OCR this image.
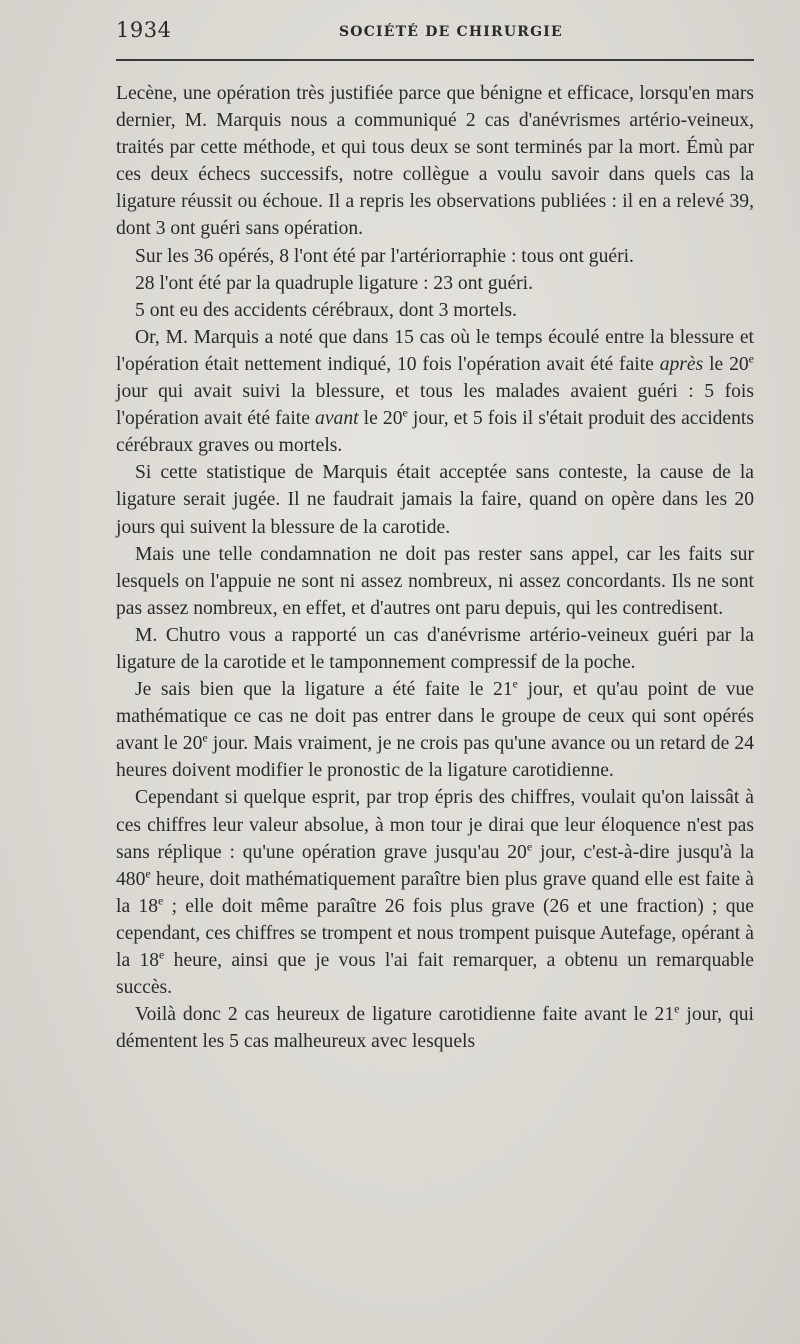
1934	SOCIÉTÉ DE CHIRURGIE

Lecène, une opération très justifiée parce que bénigne et efficace, lorsqu'en mars dernier, M. Marquis nous a communiqué 2 cas d'anévrismes artério-veineux, traités par cette méthode, et qui tous deux se sont terminés par la mort. Émù par ces deux échecs successifs, notre collègue a voulu savoir dans quels cas la ligature réussit ou échoue. Il a repris les observations publiées : il en a relevé 39, dont 3 ont guéri sans opération.

Sur les 36 opérés, 8 l'ont été par l'artériorraphie : tous ont guéri.

28 l'ont été par la quadruple ligature : 23 ont guéri.

5 ont eu des accidents cérébraux, dont 3 mortels.

Or, M. Marquis a noté que dans 15 cas où le temps écoulé entre la blessure et l'opération était nettement indiqué, 10 fois l'opération avait été faite après le 20e jour qui avait suivi la blessure, et tous les malades avaient guéri : 5 fois l'opération avait été faite avant le 20e jour, et 5 fois il s'était produit des accidents cérébraux graves ou mortels.

Si cette statistique de Marquis était acceptée sans conteste, la cause de la ligature serait jugée. Il ne faudrait jamais la faire, quand on opère dans les 20 jours qui suivent la blessure de la carotide.

Mais une telle condamnation ne doit pas rester sans appel, car les faits sur lesquels on l'appuie ne sont ni assez nombreux, ni assez concordants. Ils ne sont pas assez nombreux, en effet, et d'autres ont paru depuis, qui les contredisent.

M. Chutro vous a rapporté un cas d'anévrisme artério-veineux guéri par la ligature de la carotide et le tamponnement compressif de la poche.

Je sais bien que la ligature a été faite le 21e jour, et qu'au point de vue mathématique ce cas ne doit pas entrer dans le groupe de ceux qui sont opérés avant le 20e jour. Mais vraiment, je ne crois pas qu'une avance ou un retard de 24 heures doivent modifier le pronostic de la ligature carotidienne.

Cependant si quelque esprit, par trop épris des chiffres, voulait qu'on laissât à ces chiffres leur valeur absolue, à mon tour je dirai que leur éloquence n'est pas sans réplique : qu'une opération grave jusqu'au 20e jour, c'est-à-dire jusqu'à la 480e heure, doit mathématiquement paraître bien plus grave quand elle est faite à la 18e ; elle doit même paraître 26 fois plus grave (26 et une fraction) ; que cependant, ces chiffres se trompent et nous trompent puisque Autefage, opérant à la 18e heure, ainsi que je vous l'ai fait remarquer, a obtenu un remarquable succès.

Voilà donc 2 cas heureux de ligature carotidienne faite avant le 21e jour, qui démentent les 5 cas malheureux avec lesquels
